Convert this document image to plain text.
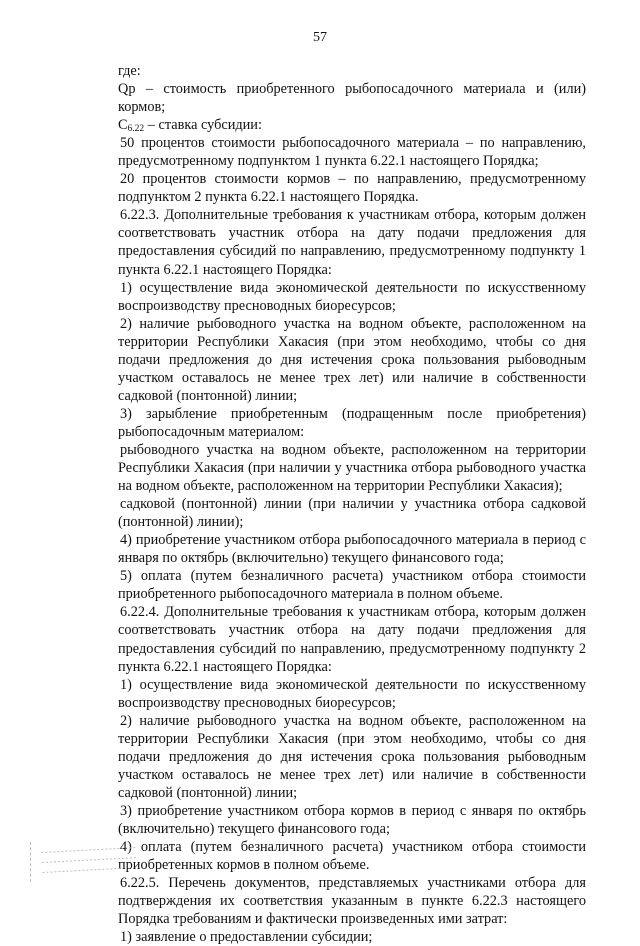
57

где:

Qр – стоимость приобретенного рыбопосадочного материала и (или) кормов;

$С_{6.22}$ – ставка субсидии:

50 процентов стоимости рыбопосадочного материала – по направлению, предусмотренному подпунктом 1 пункта 6.22.1 настоящего Порядка;

20 процентов стоимости кормов – по направлению, предусмотренному подпунктом 2 пункта 6.22.1 настоящего Порядка.

6.22.3. Дополнительные требования к участникам отбора, которым должен соответствовать участник отбора на дату подачи предложения для предоставления субсидий по направлению, предусмотренному подпункту 1 пункта 6.22.1 настоящего Порядка:

1) осуществление вида экономической деятельности по искусственному воспроизводству пресноводных биоресурсов;

2) наличие рыбоводного участка на водном объекте, расположенном на территории Республики Хакасия (при этом необходимо, чтобы со дня подачи предложения до дня истечения срока пользования рыбоводным участком оставалось не менее трех лет) или наличие в собственности садковой (понтонной) линии;

3) зарыбление приобретенным (подращенным после приобретения) рыбопосадочным материалом:

рыбоводного участка на водном объекте, расположенном на территории Республики Хакасия (при наличии у участника отбора рыбоводного участка на водном объекте, расположенном на территории Республики Хакасия);

садковой (понтонной) линии (при наличии у участника отбора садковой (понтонной) линии);

4) приобретение участником отбора рыбопосадочного материала в период с января по октябрь (включительно) текущего финансового года;

5) оплата (путем безналичного расчета) участником отбора стоимости приобретенного рыбопосадочного материала в полном объеме.

6.22.4. Дополнительные требования к участникам отбора, которым должен соответствовать участник отбора на дату подачи предложения для предоставления субсидий по направлению, предусмотренному подпункту 2 пункта 6.22.1 настоящего Порядка:

1) осуществление вида экономической деятельности по искусственному воспроизводству пресноводных биоресурсов;

2) наличие рыбоводного участка на водном объекте, расположенном на территории Республики Хакасия (при этом необходимо, чтобы со дня подачи предложения до дня истечения срока пользования рыбоводным участком оставалось не менее трех лет) или наличие в собственности садковой (понтонной) линии;

3) приобретение участником отбора кормов в период с января по октябрь (включительно) текущего финансового года;

4) оплата (путем безналичного расчета) участником отбора стоимости приобретенных кормов в полном объеме.

6.22.5. Перечень документов, представляемых участниками отбора для подтверждения их соответствия указанным в пункте 6.22.3 настоящего Порядка требованиям и фактически произведенных ими затрат:

1) заявление о предоставлении субсидии;
